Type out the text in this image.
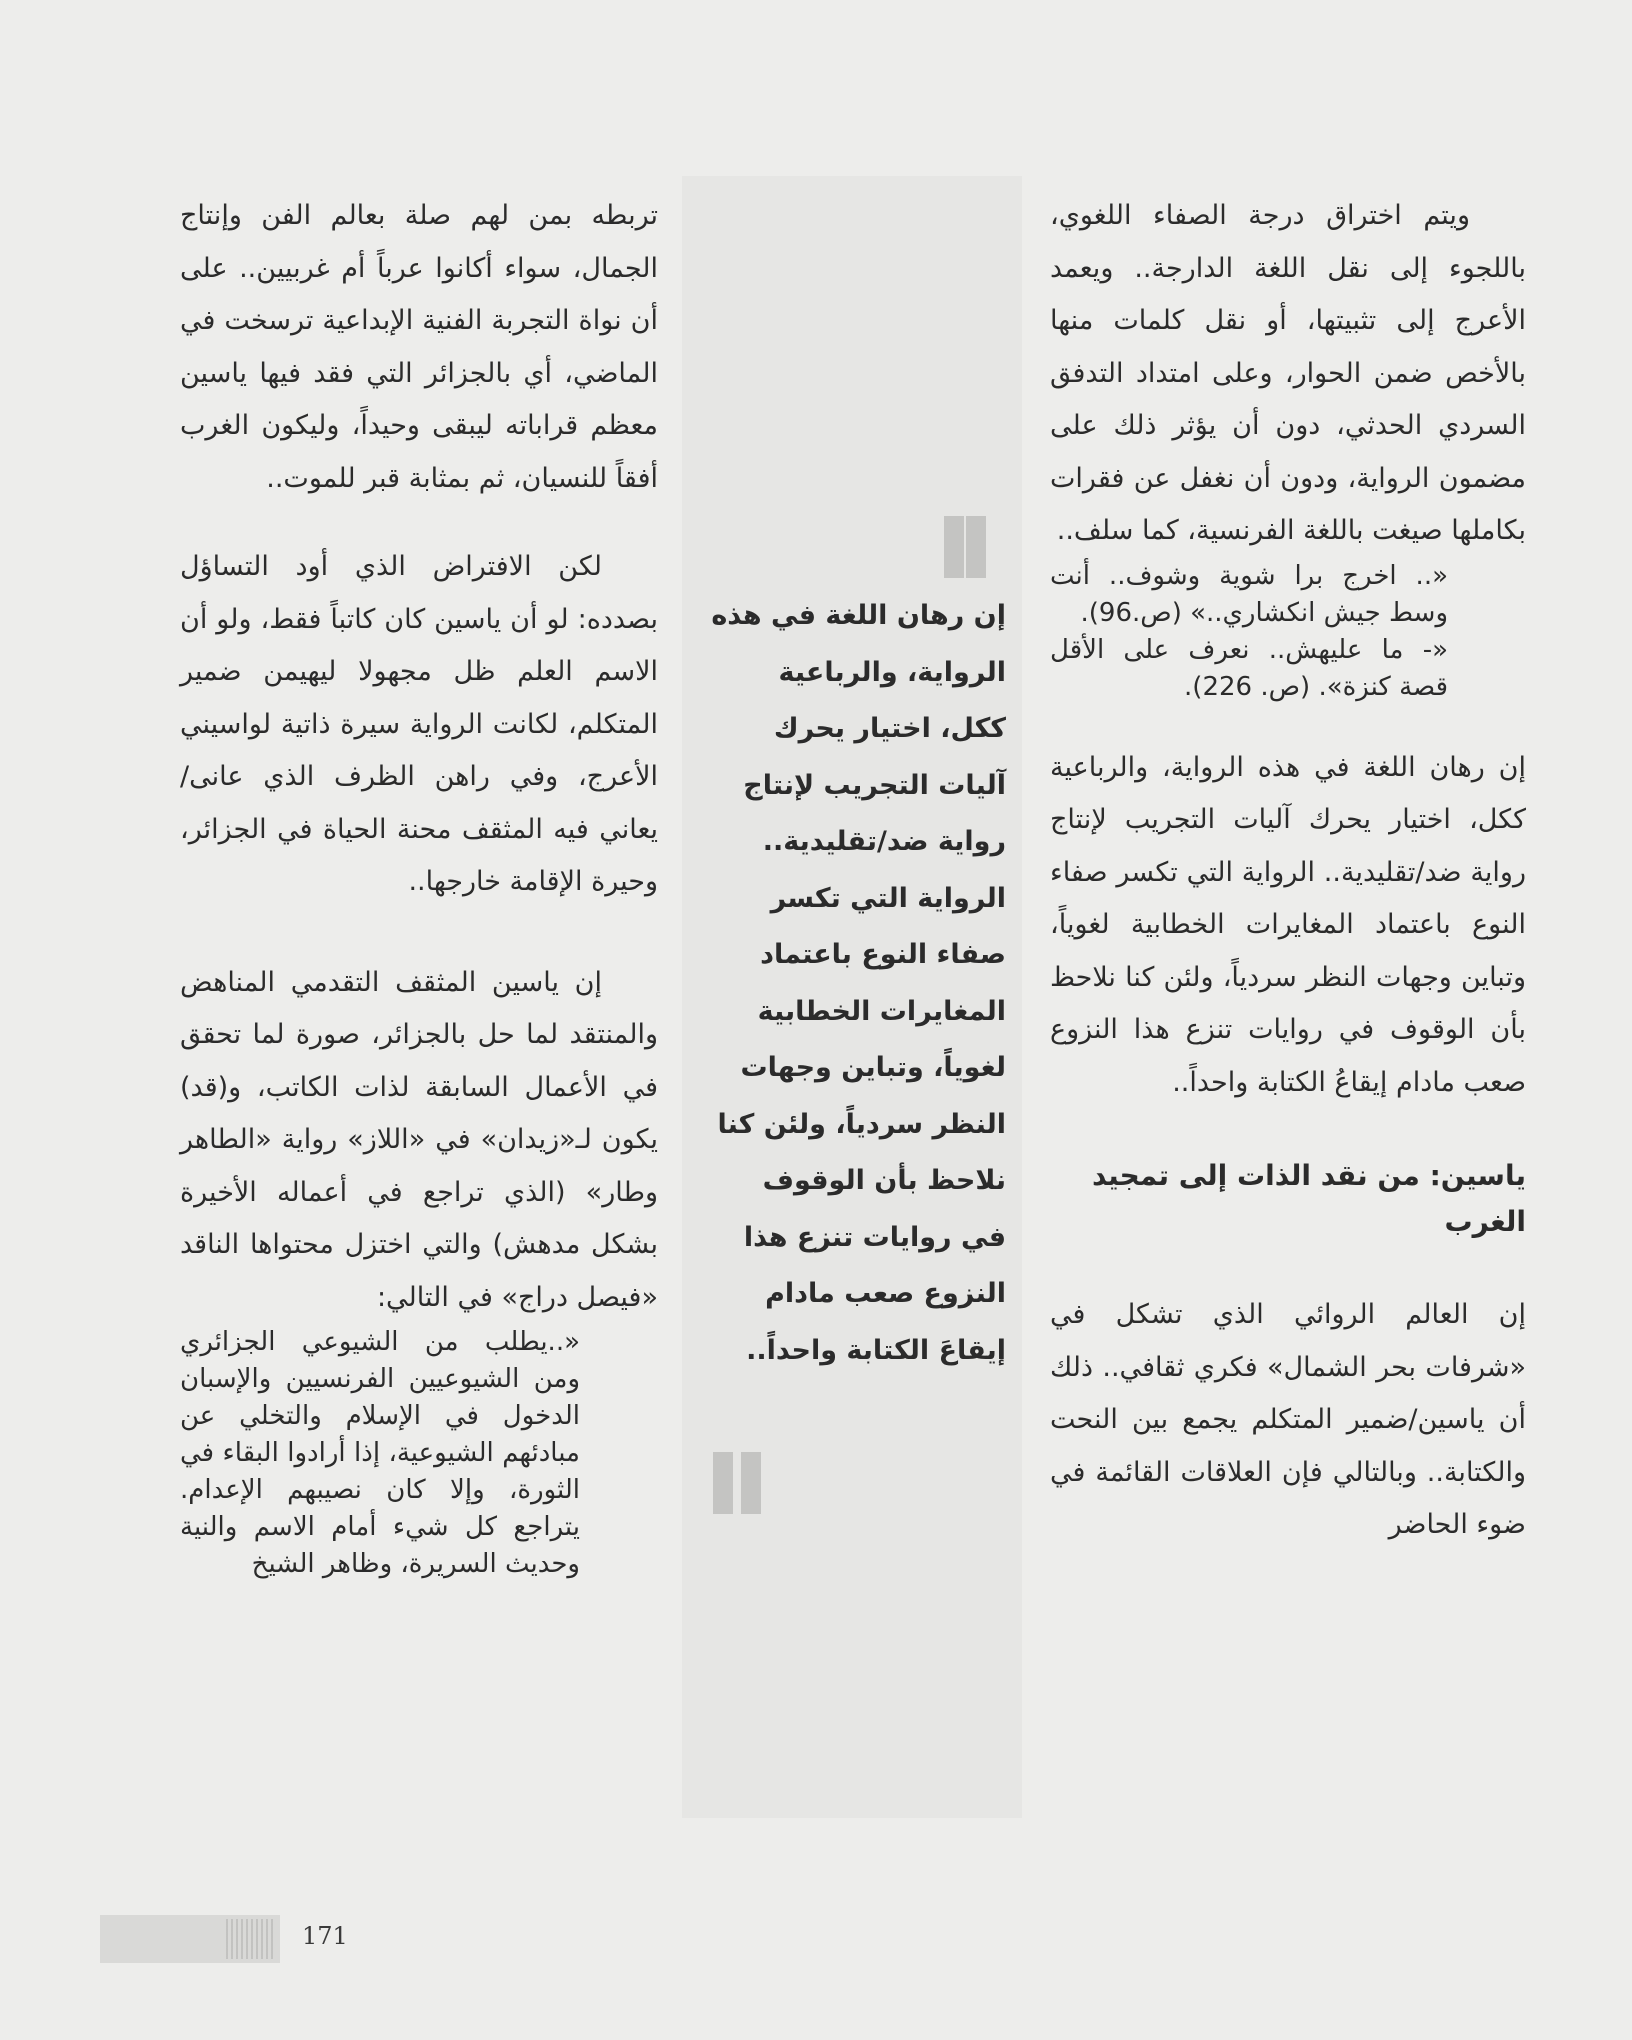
ويتم اختراق درجة الصفاء اللغوي، باللجوء إلى نقل اللغة الدارجة.. ويعمد الأعرج إلى تثبيتها، أو نقل كلمات منها بالأخص ضمن الحوار، وعلى امتداد التدفق السردي الحدثي، دون أن يؤثر ذلك على مضمون الرواية، ودون أن نغفل عن فقرات بكاملها صيغت باللغة الفرنسية، كما سلف..

«.. اخرج برا شوية وشوف.. أنت وسط جيش انكشاري..» (ص.96).

«- ما عليهش.. نعرف على الأقل قصة كنزة». (ص. 226).

إن رهان اللغة في هذه الرواية، والرباعية ككل، اختيار يحرك آليات التجريب لإنتاج رواية ضد/تقليدية.. الرواية التي تكسر صفاء النوع باعتماد المغايرات الخطابية لغوياً، وتباين وجهات النظر سردياً، ولئن كنا نلاحظ بأن الوقوف في روايات تنزع هذا النزوع صعب مادام إيقاعُ الكتابة واحداً..

ياسين: من نقد الذات إلى تمجيد الغرب

إن العالم الروائي الذي تشكل في «شرفات بحر الشمال» فكري ثقافي.. ذلك أن ياسين/ضمير المتكلم يجمع بين النحت والكتابة.. وبالتالي فإن العلاقات القائمة في ضوء الحاضر

إن رهان اللغة في هذه الرواية، والرباعية ككل، اختيار يحرك آليات التجريب لإنتاج رواية ضد/تقليدية.. الرواية التي تكسر صفاء النوع باعتماد المغايرات الخطابية لغوياً، وتباين وجهات النظر سردياً، ولئن كنا نلاحظ بأن الوقوف في روايات تنزع هذا النزوع صعب مادام إيقاعَ الكتابة واحداً..

تربطه بمن لهم صلة بعالم الفن وإنتاج الجمال، سواء أكانوا عرباً أم غربيين.. على أن نواة التجربة الفنية الإبداعية ترسخت في الماضي، أي بالجزائر التي فقد فيها ياسين معظم قراباته ليبقى وحيداً، وليكون الغرب أفقاً للنسيان، ثم بمثابة قبر للموت..

لكن الافتراض الذي أود التساؤل بصدده: لو أن ياسين كان كاتباً فقط، ولو أن الاسم العلم ظل مجهولا ليهيمن ضمير المتكلم، لكانت الرواية سيرة ذاتية لواسيني الأعرج، وفي راهن الظرف الذي عانى/يعاني فيه المثقف محنة الحياة في الجزائر، وحيرة الإقامة خارجها..

إن ياسين المثقف التقدمي المناهض والمنتقد لما حل بالجزائر، صورة لما تحقق في الأعمال السابقة لذات الكاتب، و(قد) يكون لـ«زيدان» في «اللاز» رواية «الطاهر وطار» (الذي تراجع في أعماله الأخيرة بشكل مدهش) والتي اختزل محتواها الناقد «فيصل دراج» في التالي:

«..يطلب من الشيوعي الجزائري ومن الشيوعيين الفرنسيين والإسبان الدخول في الإسلام والتخلي عن مبادئهم الشيوعية، إذا أرادوا البقاء في الثورة، وإلا كان نصيبهم الإعدام. يتراجع كل شيء أمام الاسم والنية وحديث السريرة، وظاهر الشيخ

171
